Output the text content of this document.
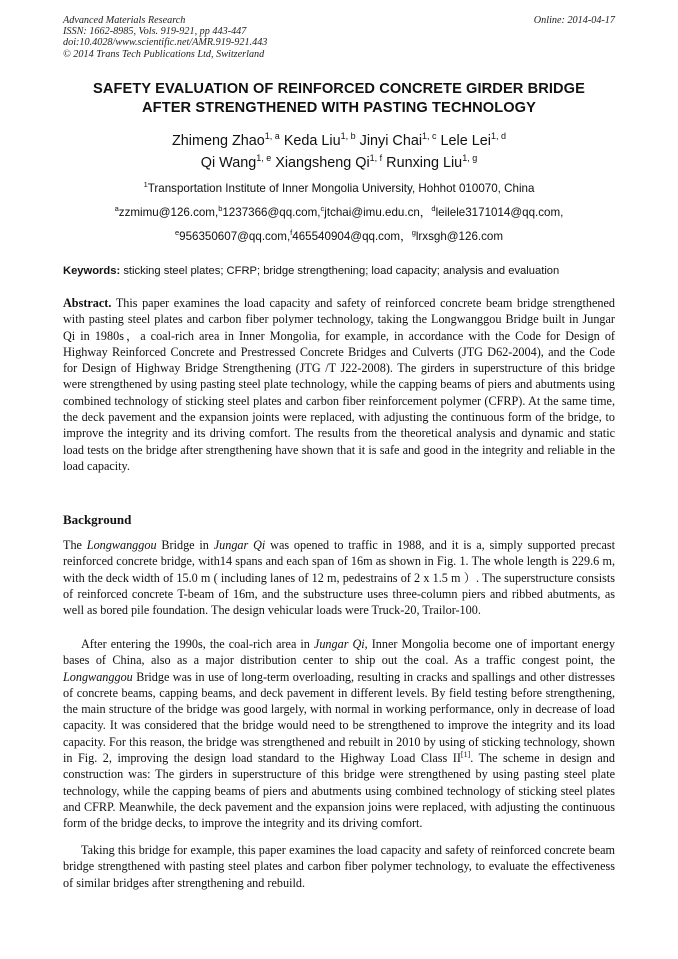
Advanced Materials Research
ISSN: 1662-8985, Vols. 919-921, pp 443-447
doi:10.4028/www.scientific.net/AMR.919-921.443
© 2014 Trans Tech Publications Ltd, Switzerland
Online: 2014-04-17
SAFETY EVALUATION OF REINFORCED CONCRETE GIRDER BRIDGE
AFTER STRENGTHENED WITH PASTING TECHNOLOGY
Zhimeng Zhao$^{1, a}$ Keda Liu$^{1, b}$ Jinyi Chai$^{1, c}$ Lele Lei$^{1, d}$
Qi Wang$^{1, e}$ Xiangsheng Qi$^{1, f}$ Runxing Liu$^{1, g}$
$^1$Transportation Institute of Inner Mongolia University, Hohhot 010070, China
$^a$zzmimu@126.com,$^b$1237366@qq.com,$^c$jtchai@imu.edu.cn，$^d$leilele3171014@qq.com,
$^e$956350607@qq.com,$^f$465540904@qq.com，$^g$lrxsgh@126.com
Keywords: sticking steel plates; CFRP; bridge strengthening; load capacity; analysis and evaluation
Abstract. This paper examines the load capacity and safety of reinforced concrete beam bridge strengthened with pasting steel plates and carbon fiber polymer technology, taking the Longwanggou Bridge built in Jungar Qi in 1980s，a coal-rich area in Inner Mongolia, for example, in accordance with the Code for Design of Highway Reinforced Concrete and Prestressed Concrete Bridges and Culverts (JTG D62-2004), and the Code for Design of Highway Bridge Strengthening (JTG /T J22-2008). The girders in superstructure of this bridge were strengthened by using pasting steel plate technology, while the capping beams of piers and abutments using combined technology of sticking steel plates and carbon fiber reinforcement polymer (CFRP). At the same time, the deck pavement and the expansion joints were replaced, with adjusting the continuous form of the bridge, to improve the integrity and its driving comfort. The results from the theoretical analysis and dynamic and static load tests on the bridge after strengthening have shown that it is safe and good in the integrity and reliable in the load capacity.
Background
The Longwanggou Bridge in Jungar Qi was opened to traffic in 1988, and it is a, simply supported precast reinforced concrete bridge, with14 spans and each span of 16m as shown in Fig. 1. The whole length is 229.6 m, with the deck width of 15.0 m ( including lanes of 12 m, pedestrains of 2 x 1.5 m ）. The superstructure consists of reinforced concrete T-beam of 16m, and the substructure uses three-column piers and ribbed abutments, as well as bored pile foundation. The design vehicular loads were Truck-20, Trailor-100.
After entering the 1990s, the coal-rich area in Jungar Qi, Inner Mongolia become one of important energy bases of China, also as a major distribution center to ship out the coal. As a traffic congest point, the Longwanggou Bridge was in use of long-term overloading, resulting in cracks and spallings and other distresses of concrete beams, capping beams, and deck pavement in different levels. By field testing before strengthening, the main structure of the bridge was good largely, with normal in working performance, only in decrease of load capacity. It was considered that the bridge would need to be strengthened to improve the integrity and its load capacity. For this reason, the bridge was strengthened and rebuilt in 2010 by using of sticking technology, shown in Fig. 2, improving the design load standard to the Highway Load Class II[1]. The scheme in design and construction was: The girders in superstructure of this bridge were strengthened by using pasting steel plate technology, while the capping beams of piers and abutments using combined technology of sticking steel plates and CFRP. Meanwhile, the deck pavement and the expansion joins were replaced, with adjusting the continuous form of the bridge decks, to improve the integrity and its driving comfort.
Taking this bridge for example, this paper examines the load capacity and safety of reinforced concrete beam bridge strengthened with pasting steel plates and carbon fiber polymer technology, to evaluate the effectiveness of similar bridges after strengthening and rebuild.
